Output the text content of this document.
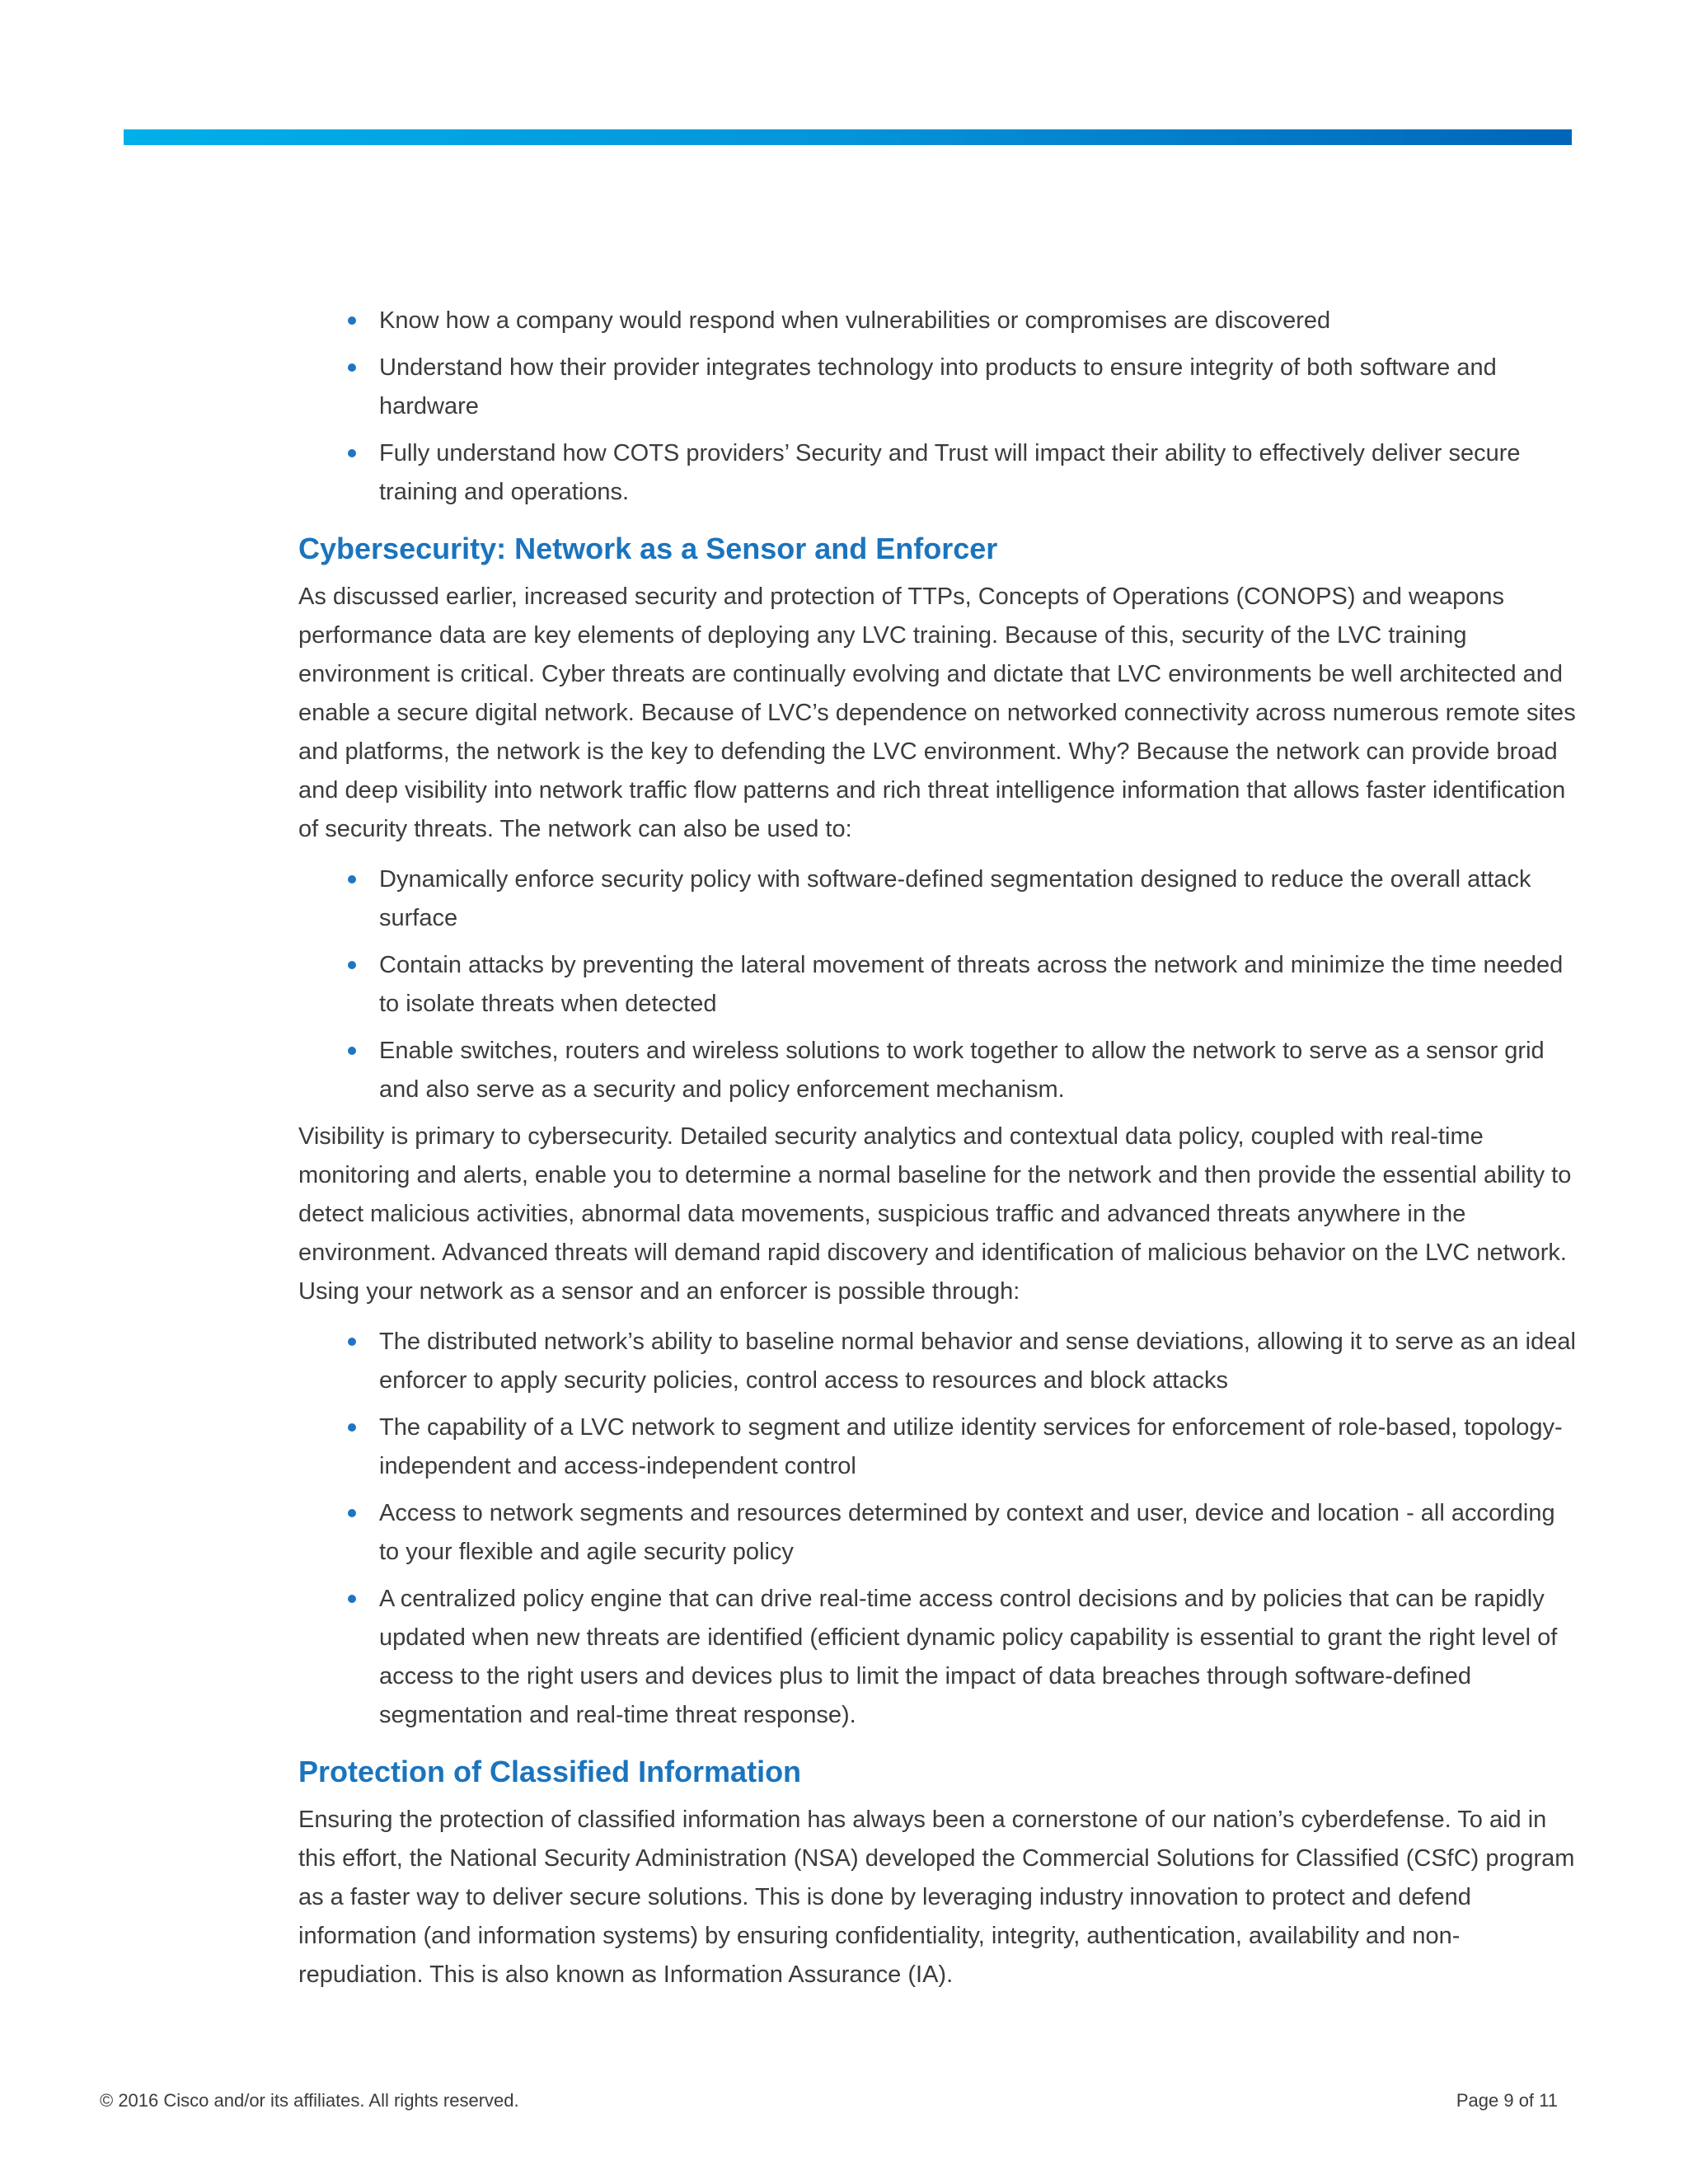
Know how a company would respond when vulnerabilities or compromises are discovered
Understand how their provider integrates technology into products to ensure integrity of both software and hardware
Fully understand how COTS providers’ Security and Trust will impact their ability to effectively deliver secure training and operations.
Cybersecurity: Network as a Sensor and Enforcer

As discussed earlier, increased security and protection of TTPs, Concepts of Operations (CONOPS) and weapons performance data are key elements of deploying any LVC training. Because of this, security of the LVC training environment is critical. Cyber threats are continually evolving and dictate that LVC environments be well architected and enable a secure digital network. Because of LVC’s dependence on networked connectivity across numerous remote sites and platforms, the network is the key to defending the LVC environment. Why? Because the network can provide broad and deep visibility into network traffic flow patterns and rich threat intelligence information that allows faster identification of security threats. The network can also be used to:

Dynamically enforce security policy with software-defined segmentation designed to reduce the overall attack surface
Contain attacks by preventing the lateral movement of threats across the network and minimize the time needed to isolate threats when detected
Enable switches, routers and wireless solutions to work together to allow the network to serve as a sensor grid and also serve as a security and policy enforcement mechanism.

Visibility is primary to cybersecurity. Detailed security analytics and contextual data policy, coupled with real-time monitoring and alerts, enable you to determine a normal baseline for the network and then provide the essential ability to detect malicious activities, abnormal data movements, suspicious traffic and advanced threats anywhere in the environment. Advanced threats will demand rapid discovery and identification of malicious behavior on the LVC network. Using your network as a sensor and an enforcer is possible through:

The distributed network’s ability to baseline normal behavior and sense deviations, allowing it to serve as an ideal enforcer to apply security policies, control access to resources and block attacks
The capability of a LVC network to segment and utilize identity services for enforcement of role-based, topology-independent and access-independent control
Access to network segments and resources determined by context and user, device and location - all according to your flexible and agile security policy
A centralized policy engine that can drive real-time access control decisions and by policies that can be rapidly updated when new threats are identified (efficient dynamic policy capability is essential to grant the right level of access to the right users and devices plus to limit the impact of data breaches through software-defined segmentation and real-time threat response).
Protection of Classified Information

Ensuring the protection of classified information has always been a cornerstone of our nation’s cyberdefense. To aid in this effort, the National Security Administration (NSA) developed the Commercial Solutions for Classified (CSfC) program as a faster way to deliver secure solutions. This is done by leveraging industry innovation to protect and defend information (and information systems) by ensuring confidentiality, integrity, authentication, availability and non-repudiation. This is also known as Information Assurance (IA).

© 2016 Cisco and/or its affiliates. All rights reserved.	Page 9 of 11
